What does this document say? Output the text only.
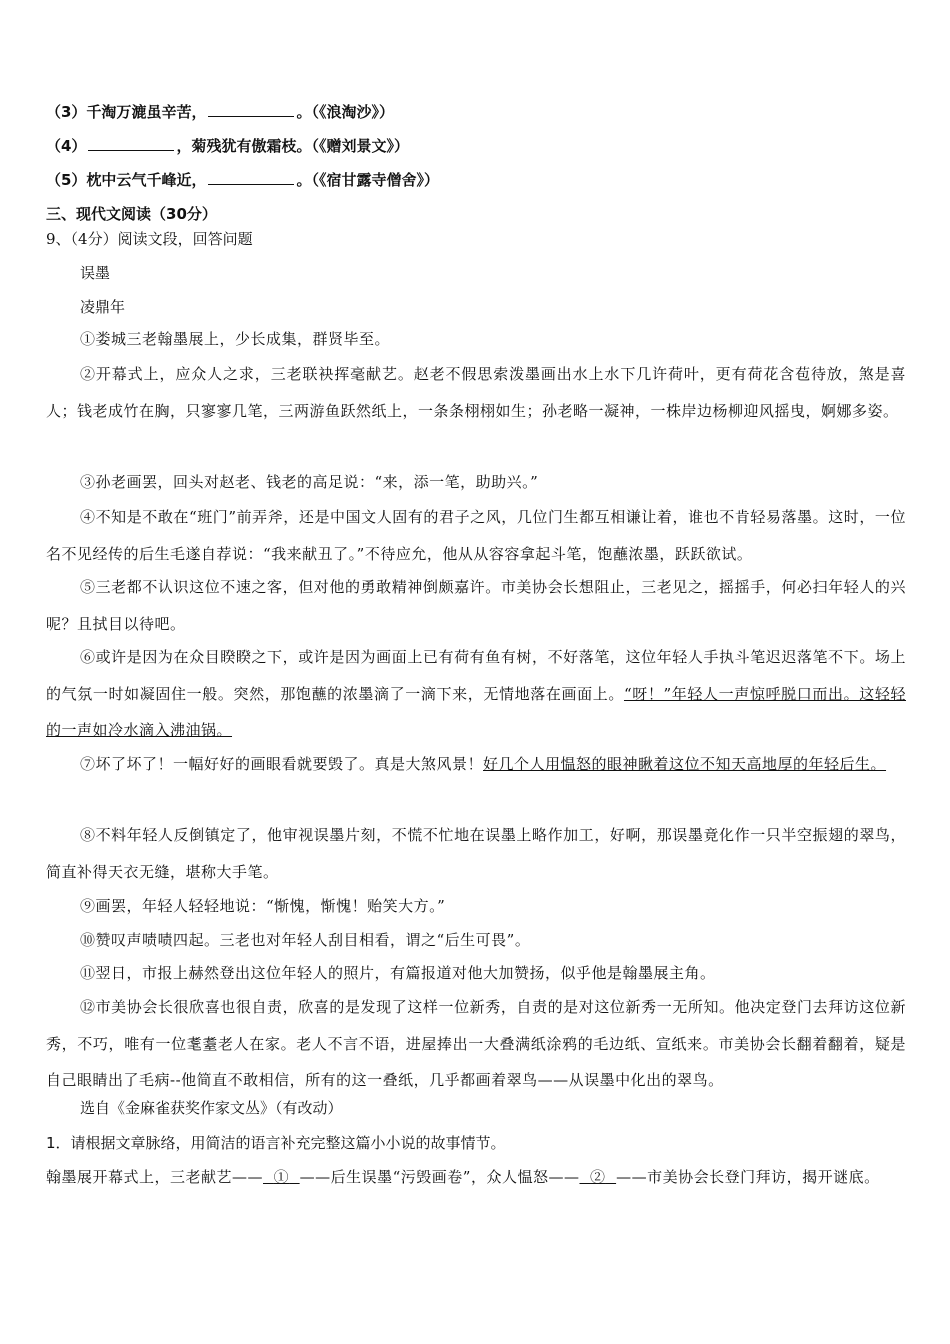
（3）千淘万漉虽辛苦，	。（《浪淘沙》）
（4）	，菊残犹有傲霜枝。（《赠刘景文》）
（5）枕中云气千峰近，	。（《宿甘露寺僧舍》）
三、现代文阅读（30分）
9、（4分）阅读文段，回答问题
误墨
凌鼎年
①娄城三老翰墨展上，少长成集，群贤毕至。
②开幕式上，应众人之求，三老联袂挥毫献艺。赵老不假思索泼墨画出水上水下几许荷叶，更有荷花含苞待放，煞是喜人；钱老成竹在胸，只寥寥几笔，三两游鱼跃然纸上，一条条栩栩如生；孙老略一凝神，一株岸边杨柳迎风摇曳，婀娜多姿。
③孙老画罢，回头对赵老、钱老的高足说：“来，添一笔，助助兴。”
④不知是不敢在“班门”前弄斧，还是中国文人固有的君子之风，几位门生都互相谦让着，谁也不肯轻易落墨。这时，一位名不见经传的后生毛遂自荐说：“我来献丑了。”不待应允，他从从容容拿起斗笔，饱蘸浓墨，跃跃欲试。
⑤三老都不认识这位不速之客，但对他的勇敢精神倒颇嘉许。市美协会长想阻止，三老见之，摇摇手，何必扫年轻人的兴呢？且拭目以待吧。
⑥或许是因为在众目睽睽之下，或许是因为画面上已有荷有鱼有树，不好落笔，这位年轻人手执斗笔迟迟落笔不下。场上的气氛一时如凝固住一般。突然，那饱蘸的浓墨滴了一滴下来，无情地落在画面上。“呀！”年轻人一声惊呼脱口而出。这轻轻的一声如冷水滴入沸油锅。
⑦坏了坏了！一幅好好的画眼看就要毁了。真是大煞风景！好几个人用愠怒的眼神瞅着这位不知天高地厚的年轻后生。
⑧不料年轻人反倒镇定了，他审视误墨片刻，不慌不忙地在误墨上略作加工，好啊，那误墨竟化作一只半空振翅的翠鸟，简直补得天衣无缝，堪称大手笔。
⑨画罢，年轻人轻轻地说：“惭愧，惭愧！贻笑大方。”
⑩赞叹声啧啧四起。三老也对年轻人刮目相看，谓之“后生可畏”。
⑪翌日，市报上赫然登出这位年轻人的照片，有篇报道对他大加赞扬，似乎他是翰墨展主角。
⑫市美协会长很欣喜也很自责，欣喜的是发现了这样一位新秀，自责的是对这位新秀一无所知。他决定登门去拜访这位新秀，不巧，唯有一位耄耋老人在家。老人不言不语，进屋捧出一大叠满纸涂鸦的毛边纸、宣纸来。市美协会长翻着翻着，疑是自己眼睛出了毛病--他简直不敢相信，所有的这一叠纸，几乎都画着翠鸟——从误墨中化出的翠鸟。
选自《金麻雀获奖作家文丛》（有改动）
1．请根据文章脉络，用简洁的语言补充完整这篇小小说的故事情节。
翰墨展开幕式上，三老献艺—— ① ——后生误墨“污毁画卷”，众人愠怒—— ② ——市美协会长登门拜访，揭开谜底。
